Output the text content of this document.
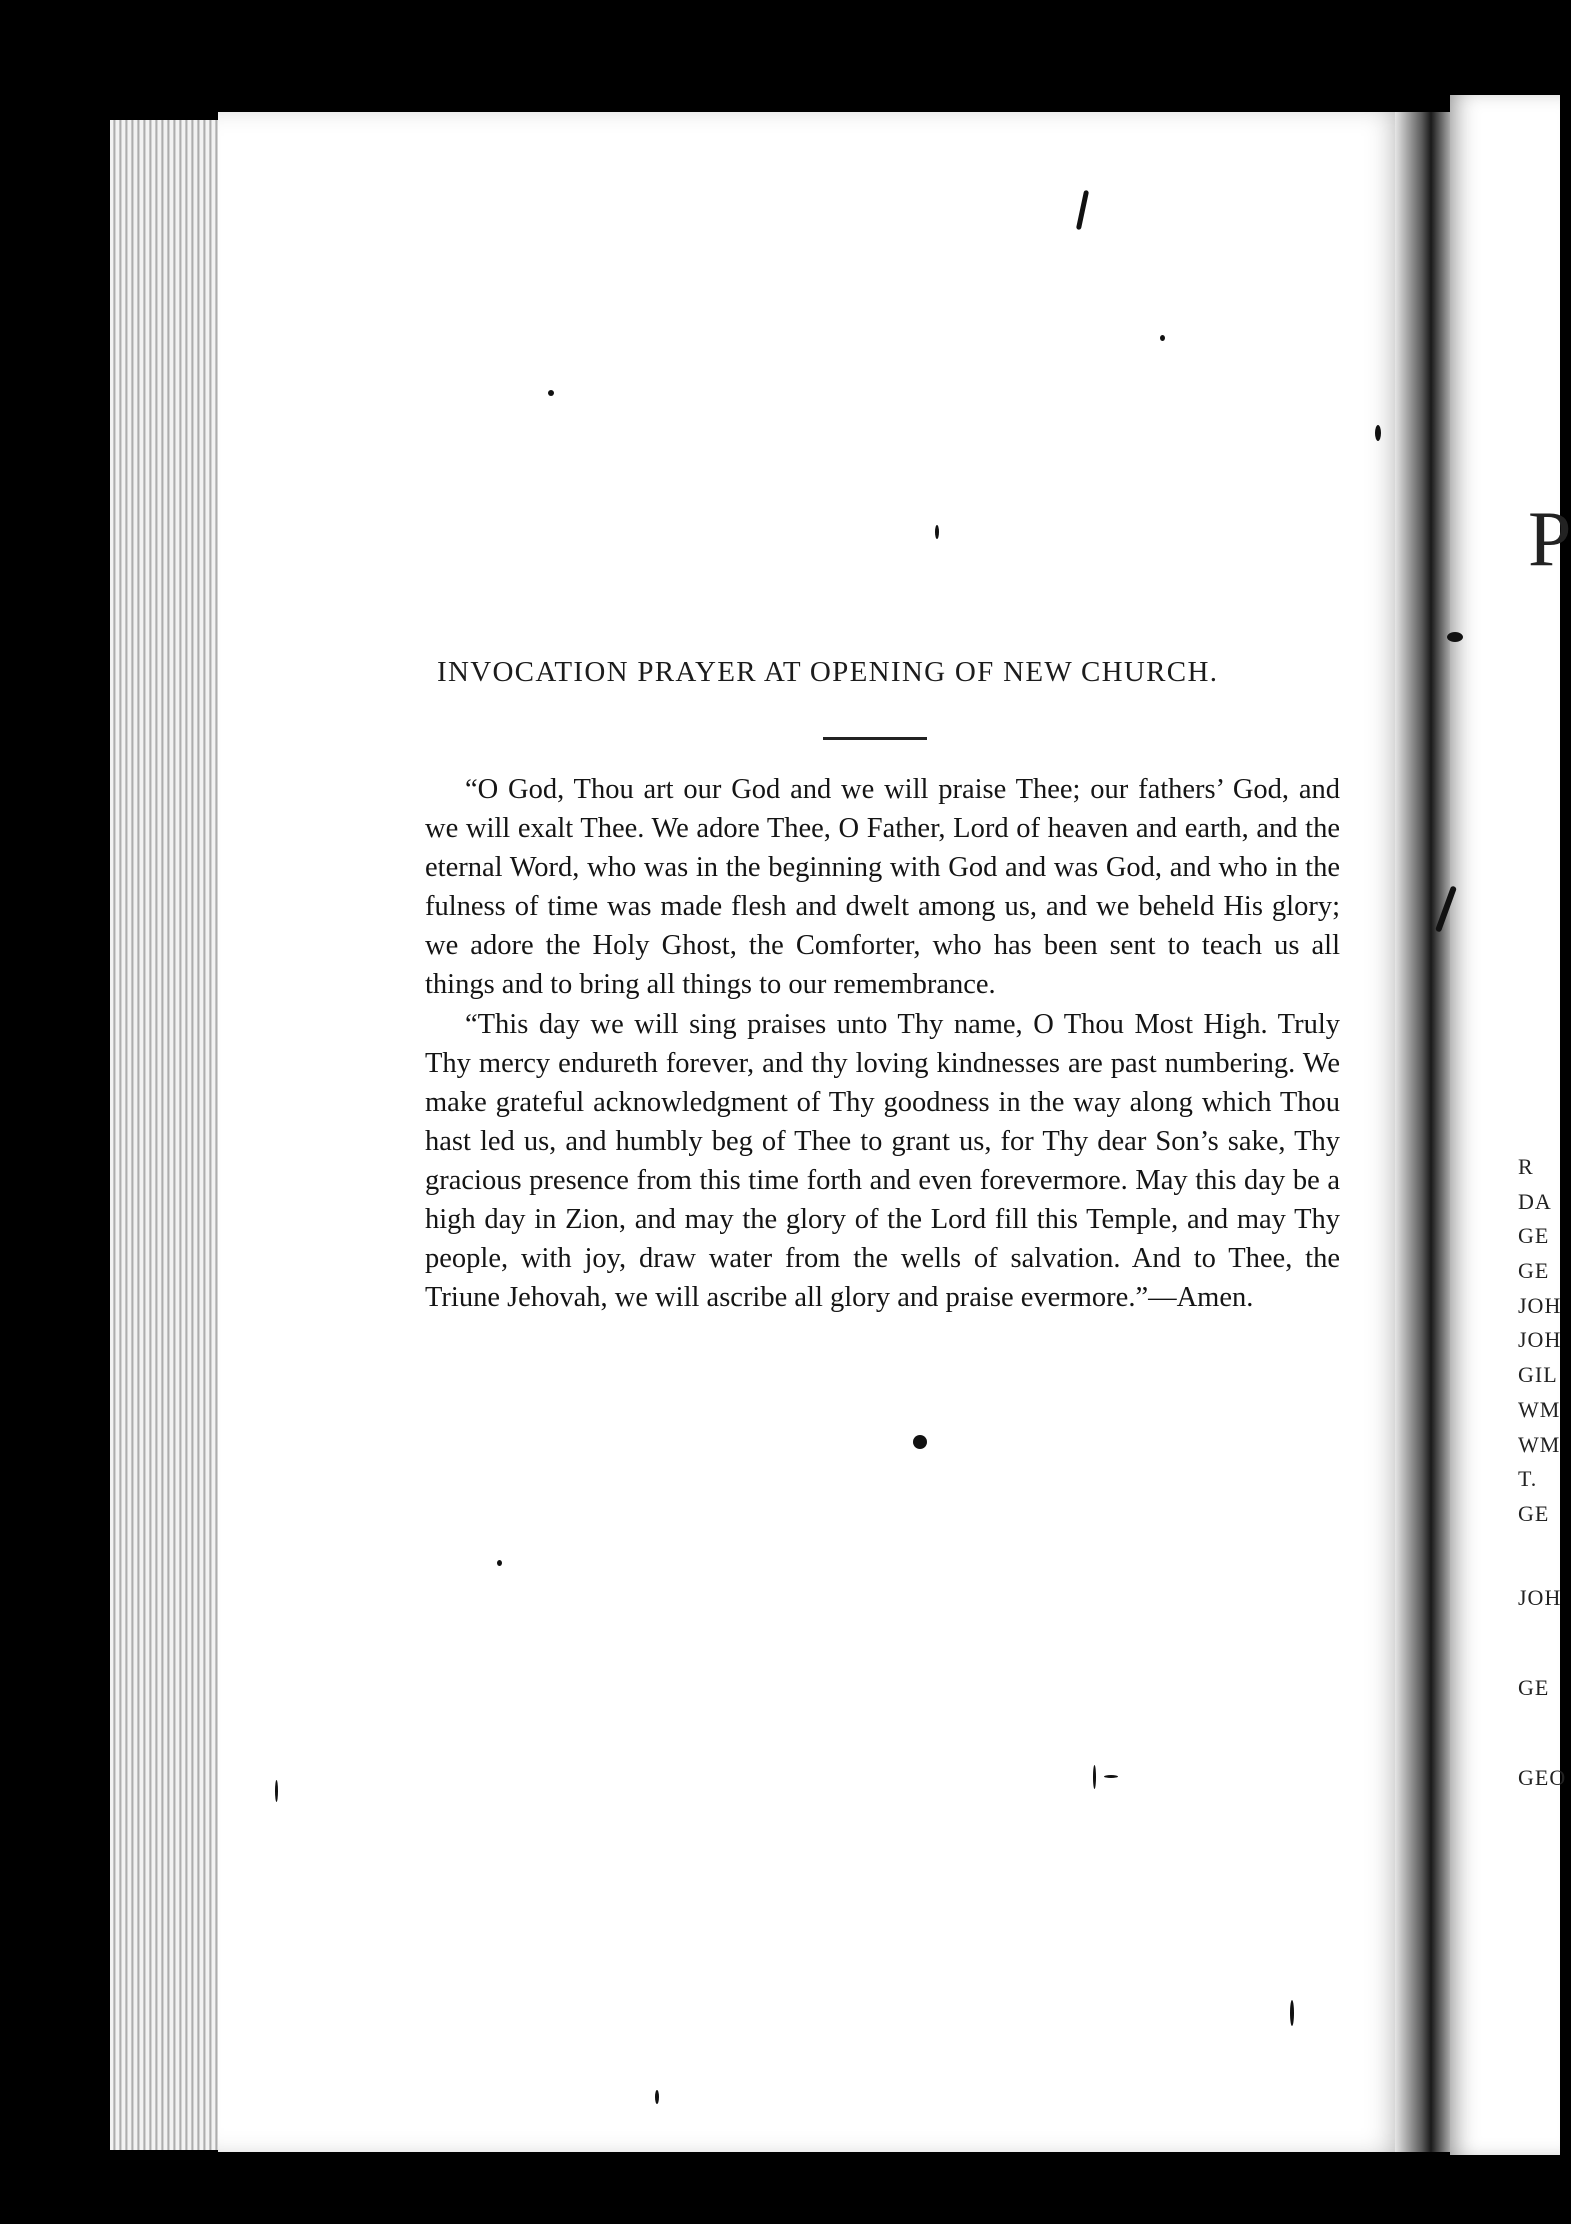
INVOCATION PRAYER AT OPENING OF NEW CHURCH.

“O God, Thou art our God and we will praise Thee; our fathers’ God, and we will exalt Thee. We adore Thee, O Father, Lord of heaven and earth, and the eternal Word, who was in the beginning with God and was God, and who in the fulness of time was made flesh and dwelt among us, and we beheld His glory; we adore the Holy Ghost, the Comforter, who has been sent to teach us all things and to bring all things to our remembrance.

“This day we will sing praises unto Thy name, O Thou Most High. Truly Thy mercy endureth forever, and thy loving kindnesses are past numbering. We make grateful acknowledgment of Thy goodness in the way along which Thou hast led us, and humbly beg of Thee to grant us, for Thy dear Son’s sake, Thy gracious presence from this time forth and even forevermore. May this day be a high day in Zion, and may the glory of the Lord fill this Temple, and may Thy people, with joy, draw water from the wells of salvation. And to Thee, the Triune Jehovah, we will ascribe all glory and praise evermore.”—Amen.

P
R
DA
GE
GE
JOH
JOH
GIL
WM
WM
T.
GE
JOH
GE
GEO
